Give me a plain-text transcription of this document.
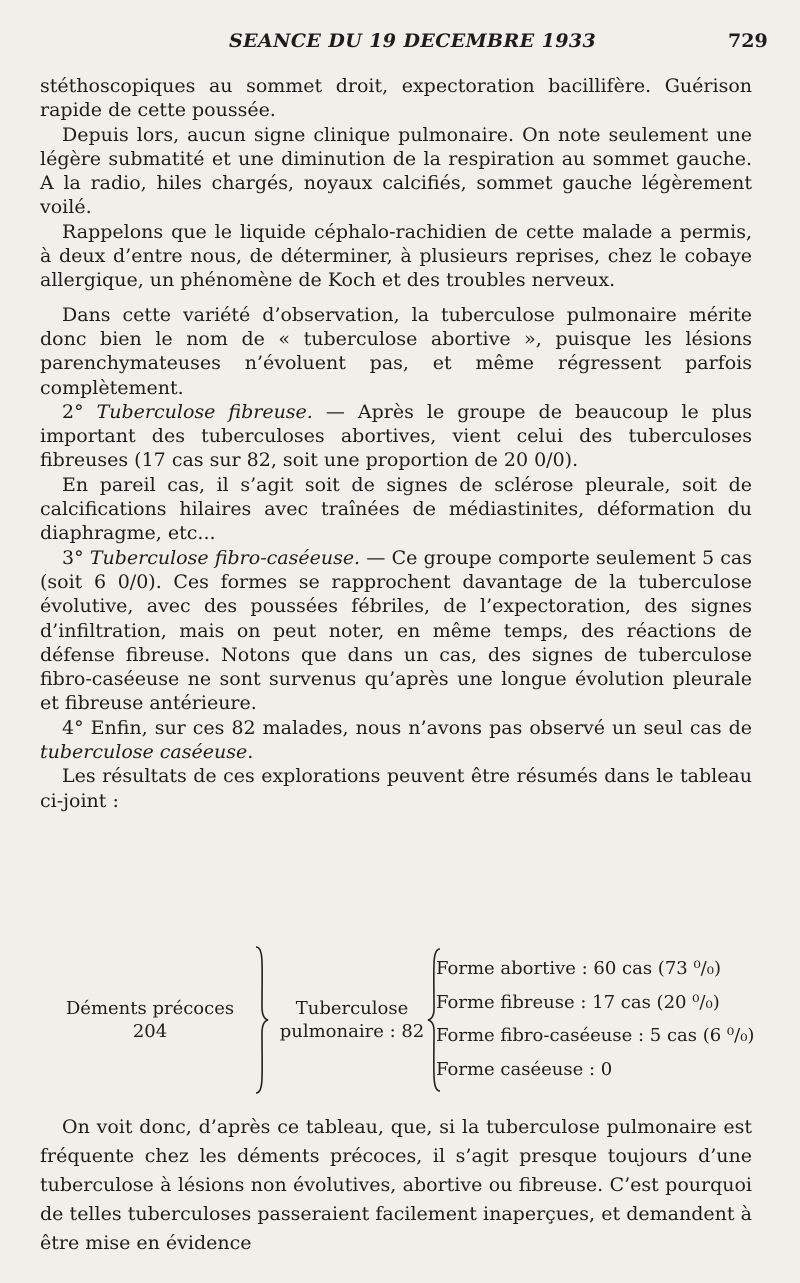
SEANCE DU 19 DECEMBRE 1933	729

stéthoscopiques au sommet droit, expectoration bacillifère. Guérison rapide de cette poussée.

Depuis lors, aucun signe clinique pulmonaire. On note seulement une légère submatité et une diminution de la respiration au sommet gauche. A la radio, hiles chargés, noyaux calcifiés, sommet gauche légèrement voilé.

Rappelons que le liquide céphalo-rachidien de cette malade a permis, à deux d’entre nous, de déterminer, à plusieurs reprises, chez le cobaye allergique, un phénomène de Koch et des troubles nerveux.

Dans cette variété d’observation, la tuberculose pulmonaire mérite donc bien le nom de « tuberculose abortive », puisque les lésions parenchymateuses n’évoluent pas, et même régressent parfois complètement.

2° Tuberculose fibreuse. — Après le groupe de beaucoup le plus important des tuberculoses abortives, vient celui des tuberculoses fibreuses (17 cas sur 82, soit une proportion de 20 0/0).

En pareil cas, il s’agit soit de signes de sclérose pleurale, soit de calcifications hilaires avec traînées de médiastinites, déformation du diaphragme, etc...

3° Tuberculose fibro-caséeuse. — Ce groupe comporte seulement 5 cas (soit 6 0/0). Ces formes se rapprochent davantage de la tuberculose évolutive, avec des poussées fébriles, de l’expectoration, des signes d’infiltration, mais on peut noter, en même temps, des réactions de défense fibreuse. Notons que dans un cas, des signes de tuberculose fibro-caséeuse ne sont survenus qu’après une longue évolution pleurale et fibreuse antérieure.

4° Enfin, sur ces 82 malades, nous n’avons pas observé un seul cas de tuberculose caséeuse.

Les résultats de ces explorations peuvent être résumés dans le tableau ci-joint :

Déments précoces
204
Tuberculose
pulmonaire : 82
Forme abortive : 60 cas (73 ⁰/₀)
Forme fibreuse : 17 cas (20 ⁰/₀)
Forme fibro-caséeuse : 5 cas (6 ⁰/₀)
Forme caséeuse : 0

On voit donc, d’après ce tableau, que, si la tuberculose pulmonaire est fréquente chez les déments précoces, il s’agit presque toujours d’une tuberculose à lésions non évolutives, abortive ou fibreuse. C’est pourquoi de telles tuberculoses passeraient facilement inaperçues, et demandent à être mise en évidence
